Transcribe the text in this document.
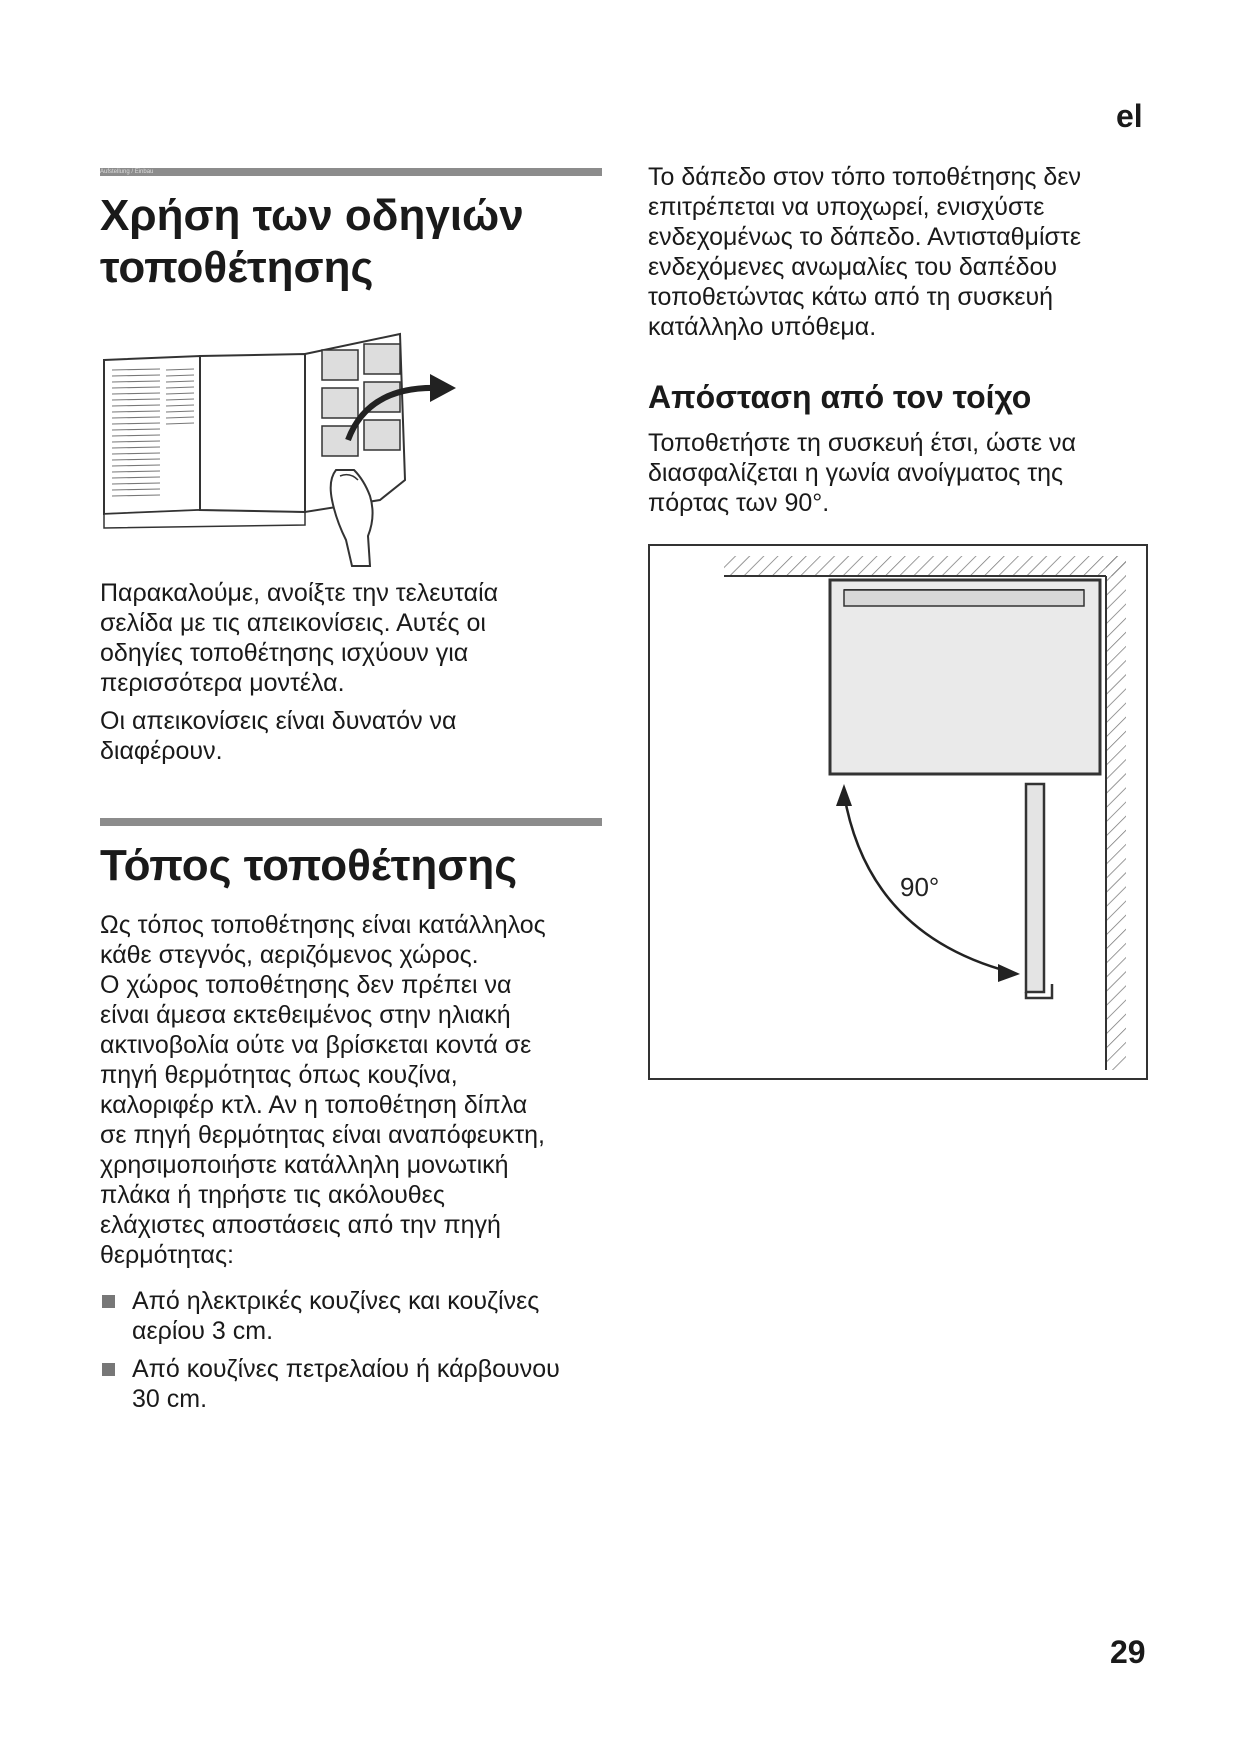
el
Aufstellung / Einbau
Χρήση των οδηγιών
τοποθέτησης

Παρακαλούμε, ανοίξτε την τελευταία

σελίδα με τις απεικονίσεις. Αυτές οι

οδηγίες τοποθέτησης ισχύουν για

περισσότερα μοντέλα.

Οι απεικονίσεις είναι δυνατόν να

διαφέρουν.

Τόπος τοποθέτησης

Ως τόπος τοποθέτησης είναι κατάλληλος

κάθε στεγνός, αεριζόμενος χώρος.

Ο χώρος τοποθέτησης δεν πρέπει να

είναι άμεσα εκτεθειμένος στην ηλιακή

ακτινοβολία ούτε να βρίσκεται κοντά σε

πηγή θερμότητας όπως κουζίνα,

καλοριφέρ κτλ. Αν η τοποθέτηση δίπλα

σε πηγή θερμότητας είναι αναπόφευκτη,

χρησιμοποιήστε κατάλληλη μονωτική

πλάκα ή τηρήστε τις ακόλουθες

ελάχιστες αποστάσεις από την πηγή

θερμότητας:

Από ηλεκτρικές κουζίνες και κουζίνες
αερίου 3 cm.
Από κουζίνες πετρελαίου ή κάρβουνου
30 cm.

Το δάπεδο στον τόπο τοποθέτησης δεν

επιτρέπεται να υποχωρεί, ενισχύστε

ενδεχομένως το δάπεδο. Αντισταθμίστε

ενδεχόμενες ανωμαλίες του δαπέδου

τοποθετώντας κάτω από τη συσκευή

κατάλληλο υπόθεμα.

Απόσταση από τον τοίχο

Τοποθετήστε τη συσκευή έτσι, ώστε να

διασφαλίζεται η γωνία ανοίγματος της

πόρτας των 90°.

90°
29
